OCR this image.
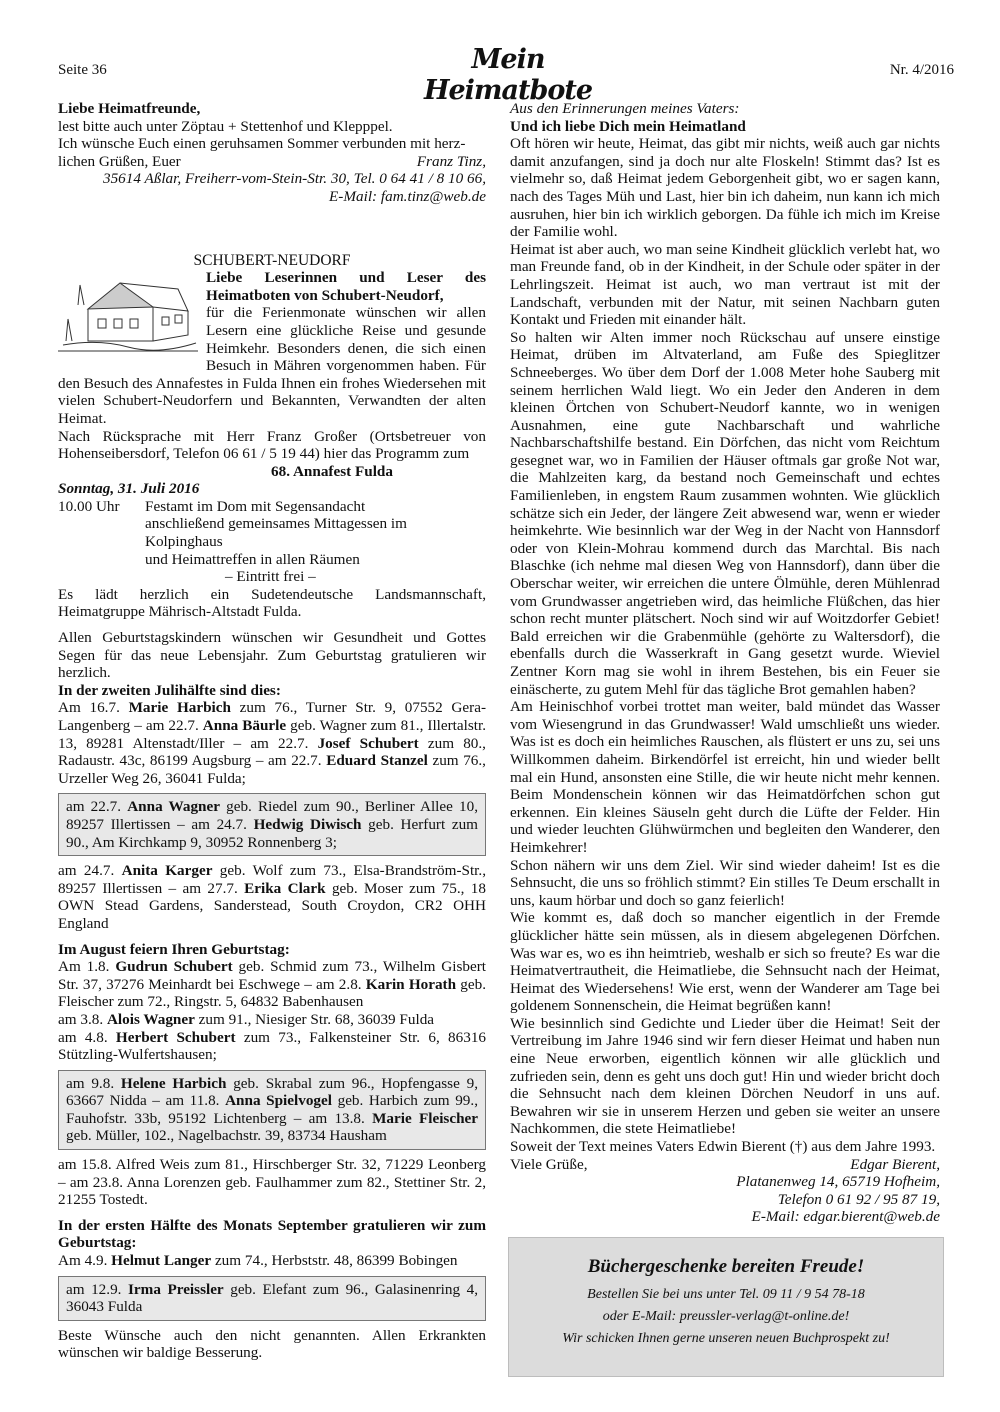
Seite 36	Mein Heimatbote
Nr. 4/2016

Liebe Heimatfreunde,

lest bitte auch unter Zöptau + Stettenhof und Klepppel.

Ich wünsche Euch einen geruhsamen Sommer verbunden mit herz-

lichen Grüßen, Euer	Franz Tinz,

35614 Aßlar, Freiherr-vom-Stein-Str. 30, Tel. 0 64 41 / 8 10 66,

E-Mail: fam.tinz@web.de

SCHUBERT-NEUDORF

Liebe Leserinnen und Leser des Heimatboten von Schubert-Neudorf,

für die Ferienmonate wünschen wir allen Lesern eine glückliche Reise und gesunde Heimkehr. Besonders denen, die sich einen Besuch in Mähren vorgenommen haben. Für den Besuch des Annafestes in Fulda Ihnen ein frohes Wiedersehen mit vielen Schubert-Neudorfern und Bekannten, Verwandten der alten Heimat.

Nach Rücksprache mit Herr Franz Großer (Ortsbetreuer von Hohenseibersdorf, Telefon 06 61 / 5 19 44) hier das Programm zum

68. Annafest Fulda

Sonntag, 31. Juli 2016

10.00 Uhr	Festamt im Dom mit Segensandacht

anschließend gemeinsames Mittagessen im Kolpinghaus

und Heimattreffen in allen Räumen

– Eintritt frei –

Es lädt herzlich ein Sudetendeutsche Landsmannschaft, Heimatgruppe Mährisch-Altstadt Fulda.

Allen Geburtstagskindern wünschen wir Gesundheit und Gottes Segen für das neue Lebensjahr. Zum Geburtstag gratulieren wir herzlich.

In der zweiten Julihälfte sind dies:

Am 16.7. Marie Harbich zum 76., Turner Str. 9, 07552 Gera-Langenberg – am 22.7. Anna Bäurle geb. Wagner zum 81., Illertalstr. 13, 89281 Altenstadt/Iller – am 22.7. Josef Schubert zum 80., Radaustr. 43c, 86199 Augsburg – am 22.7. Eduard Stanzel zum 76., Urzeller Weg 26, 36041 Fulda;

am 22.7. Anna Wagner geb. Riedel zum 90., Berliner Allee 10, 89257 Illertissen – am 24.7. Hedwig Diwisch geb. Herfurt zum 90., Am Kirchkamp 9, 30952 Ronnenberg 3;

am 24.7. Anita Karger geb. Wolf zum 73., Elsa-Brandström-Str., 89257 Illertissen – am 27.7. Erika Clark geb. Moser zum 75., 18 OWN Stead Gardens, Sanderstead, South Croydon, CR2 OHH England

Im August feiern Ihren Geburtstag:

Am 1.8. Gudrun Schubert geb. Schmid zum 73., Wilhelm Gisbert Str. 37, 37276 Meinhardt bei Eschwege – am 2.8. Karin Horath geb. Fleischer zum 72., Ringstr. 5, 64832 Babenhausen

am 3.8. Alois Wagner zum 91., Niesiger Str. 68, 36039 Fulda

am 4.8. Herbert Schubert zum 73., Falkensteiner Str. 6, 86316 Stützling-Wulfertshausen;

am 9.8. Helene Harbich geb. Skrabal zum 96., Hopfengasse 9, 63667 Nidda – am 11.8. Anna Spielvogel geb. Harbich zum 99., Fauhofstr. 33b, 95192 Lichtenberg – am 13.8. Marie Fleischer geb. Müller, 102., Nagelbachstr. 39, 83734 Hausham

am 15.8. Alfred Weis zum 81., Hirschberger Str. 32, 71229 Leonberg – am 23.8. Anna Lorenzen geb. Faulhammer zum 82., Stettiner Str. 2, 21255 Tostedt.

In der ersten Hälfte des Monats September gratulieren wir zum Geburtstag:

Am 4.9. Helmut Langer zum 74., Herbststr. 48, 86399 Bobingen

am 12.9. Irma Preissler geb. Elefant zum 96., Galasinenring 4, 36043 Fulda

Beste Wünsche auch den nicht genannten. Allen Erkrankten wünschen wir baldige Besserung.

Aus den Erinnerungen meines Vaters:

Und ich liebe Dich mein Heimatland

Oft hören wir heute, Heimat, das gibt mir nichts, weiß auch gar nichts damit anzufangen, sind ja doch nur alte Floskeln! Stimmt das? Ist es vielmehr so, daß Heimat jedem Geborgenheit gibt, wo er sagen kann, nach des Tages Müh und Last, hier bin ich daheim, nun kann ich mich ausruhen, hier bin ich wirklich geborgen. Da fühle ich mich im Kreise der Familie wohl.

Heimat ist aber auch, wo man seine Kindheit glücklich verlebt hat, wo man Freunde fand, ob in der Kindheit, in der Schule oder später in der Lehrlingszeit. Heimat ist auch, wo man vertraut ist mit der Landschaft, verbunden mit der Natur, mit seinen Nachbarn guten Kontakt und Frieden mit einander hält.

So halten wir Alten immer noch Rückschau auf unsere einstige Heimat, drüben im Altvaterland, am Fuße des Spieglitzer Schneeberges. Wo über dem Dorf der 1.008 Meter hohe Sauberg mit seinem herrlichen Wald liegt. Wo ein Jeder den Anderen in dem kleinen Örtchen von Schubert-Neudorf kannte, wo in wenigen Ausnahmen, eine gute Nachbarschaft und wahrliche Nachbarschaftshilfe bestand. Ein Dörfchen, das nicht vom Reichtum gesegnet war, wo in Familien der Häuser oftmals gar große Not war, die Mahlzeiten karg, da bestand noch Gemeinschaft und echtes Familienleben, in engstem Raum zusammen wohnten. Wie glücklich schätze sich ein Jeder, der längere Zeit abwesend war, wenn er wieder heimkehrte. Wie besinnlich war der Weg in der Nacht von Hannsdorf oder von Klein-Mohrau kommend durch das Marchtal. Bis nach Blaschke (ich nehme mal diesen Weg von Hannsdorf), dann über die Oberschar weiter, wir erreichen die untere Ölmühle, deren Mühlenrad vom Grundwasser angetrieben wird, das heimliche Flüßchen, das hier schon recht munter plätschert. Noch sind wir auf Woitzdorfer Gebiet! Bald erreichen wir die Grabenmühle (gehörte zu Waltersdorf), die ebenfalls durch die Wasserkraft in Gang gesetzt wurde. Wieviel Zentner Korn mag sie wohl in ihrem Bestehen, bis ein Feuer sie einäscherte, zu gutem Mehl für das tägliche Brot gemahlen haben?

Am Heinischhof vorbei trottet man weiter, bald mündet das Wasser vom Wiesengrund in das Grundwasser! Wald umschließt uns wieder. Was ist es doch ein heimliches Rauschen, als flüstert er uns zu, sei uns Willkommen daheim. Birkendörfel ist erreicht, hin und wieder bellt mal ein Hund, ansonsten eine Stille, die wir heute nicht mehr kennen. Beim Mondenschein können wir das Heimatdörfchen schon gut erkennen. Ein kleines Säuseln geht durch die Lüfte der Felder. Hin und wieder leuchten Glühwürmchen und begleiten den Wanderer, den Heimkehrer!

Schon nähern wir uns dem Ziel. Wir sind wieder daheim! Ist es die Sehnsucht, die uns so fröhlich stimmt? Ein stilles Te Deum erschallt in uns, kaum hörbar und doch so ganz feierlich!

Wie kommt es, daß doch so mancher eigentlich in der Fremde glücklicher hätte sein müssen, als in diesem abgelegenen Dörfchen. Was war es, wo es ihn heimtrieb, weshalb er sich so freute? Es war die Heimatvertrautheit, die Heimatliebe, die Sehnsucht nach der Heimat, Heimat des Wiedersehens! Wie erst, wenn der Wanderer am Tage bei goldenem Sonnenschein, die Heimat begrüßen kann!

Wie besinnlich sind Gedichte und Lieder über die Heimat! Seit der Vertreibung im Jahre 1946 sind wir fern dieser Heimat und haben nun eine Neue erworben, eigentlich können wir alle glücklich und zufrieden sein, denn es geht uns doch gut! Hin und wieder bricht doch die Sehnsucht nach dem kleinen Dörchen Neudorf in uns auf. Bewahren wir sie in unserem Herzen und geben sie weiter an unsere Nachkommen, die stete Heimatliebe!

Soweit der Text meines Vaters Edwin Bierent (†) aus dem Jahre 1993.

Viele Grüße,	Edgar Bierent,

Platanenweg 14, 65719 Hofheim,

Telefon 0 61 92 / 95 87 19,

E-Mail: edgar.bierent@web.de

Büchergeschenke bereiten Freude!
Bestellen Sie bei uns unter Tel. 09 11 / 9 54 78-18
oder E-Mail: preussler-verlag@t-online.de!
Wir schicken Ihnen gerne unseren neuen Buchprospekt zu!
